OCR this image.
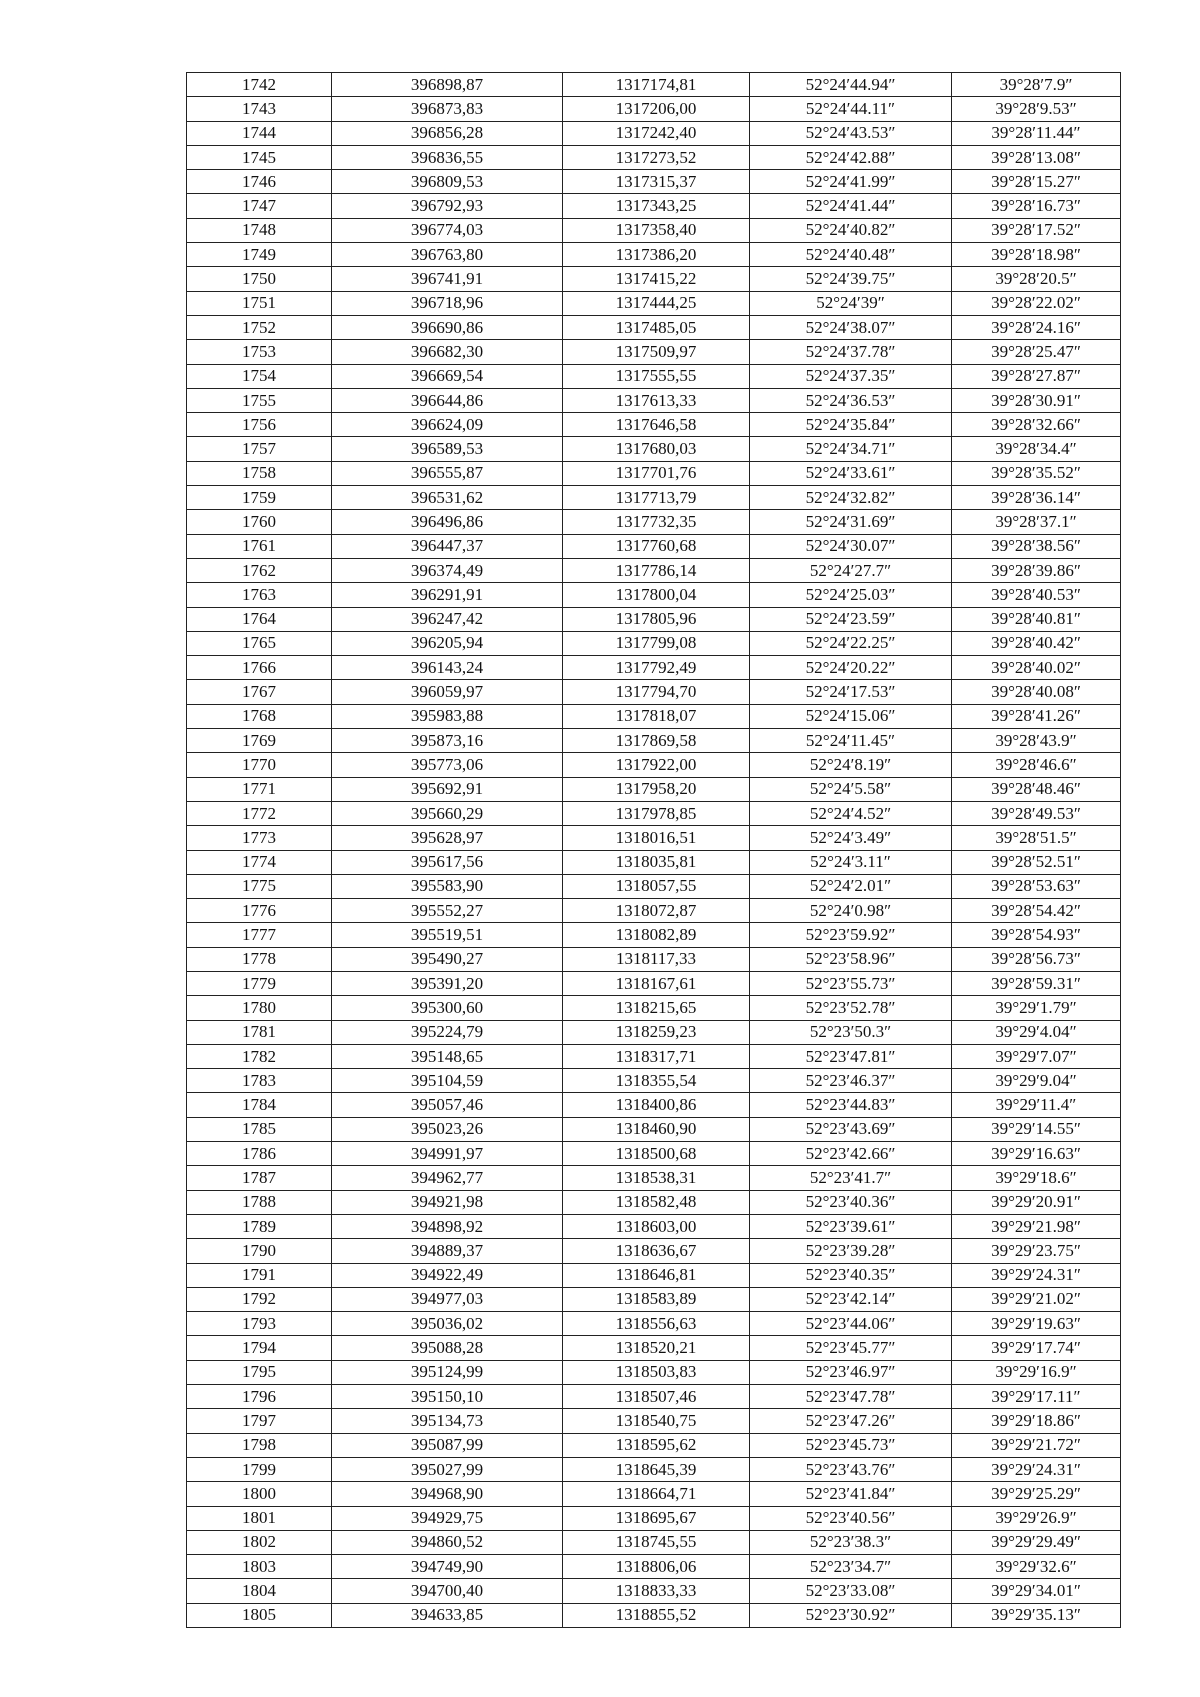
1742	396898,87	1317174,81	52°24′44.94″	39°28′7.9″
1743	396873,83	1317206,00	52°24′44.11″	39°28′9.53″
1744	396856,28	1317242,40	52°24′43.53″	39°28′11.44″
1745	396836,55	1317273,52	52°24′42.88″	39°28′13.08″
1746	396809,53	1317315,37	52°24′41.99″	39°28′15.27″
1747	396792,93	1317343,25	52°24′41.44″	39°28′16.73″
1748	396774,03	1317358,40	52°24′40.82″	39°28′17.52″
1749	396763,80	1317386,20	52°24′40.48″	39°28′18.98″
1750	396741,91	1317415,22	52°24′39.75″	39°28′20.5″
1751	396718,96	1317444,25	52°24′39″	39°28′22.02″
1752	396690,86	1317485,05	52°24′38.07″	39°28′24.16″
1753	396682,30	1317509,97	52°24′37.78″	39°28′25.47″
1754	396669,54	1317555,55	52°24′37.35″	39°28′27.87″
1755	396644,86	1317613,33	52°24′36.53″	39°28′30.91″
1756	396624,09	1317646,58	52°24′35.84″	39°28′32.66″
1757	396589,53	1317680,03	52°24′34.71″	39°28′34.4″
1758	396555,87	1317701,76	52°24′33.61″	39°28′35.52″
1759	396531,62	1317713,79	52°24′32.82″	39°28′36.14″
1760	396496,86	1317732,35	52°24′31.69″	39°28′37.1″
1761	396447,37	1317760,68	52°24′30.07″	39°28′38.56″
1762	396374,49	1317786,14	52°24′27.7″	39°28′39.86″
1763	396291,91	1317800,04	52°24′25.03″	39°28′40.53″
1764	396247,42	1317805,96	52°24′23.59″	39°28′40.81″
1765	396205,94	1317799,08	52°24′22.25″	39°28′40.42″
1766	396143,24	1317792,49	52°24′20.22″	39°28′40.02″
1767	396059,97	1317794,70	52°24′17.53″	39°28′40.08″
1768	395983,88	1317818,07	52°24′15.06″	39°28′41.26″
1769	395873,16	1317869,58	52°24′11.45″	39°28′43.9″
1770	395773,06	1317922,00	52°24′8.19″	39°28′46.6″
1771	395692,91	1317958,20	52°24′5.58″	39°28′48.46″
1772	395660,29	1317978,85	52°24′4.52″	39°28′49.53″
1773	395628,97	1318016,51	52°24′3.49″	39°28′51.5″
1774	395617,56	1318035,81	52°24′3.11″	39°28′52.51″
1775	395583,90	1318057,55	52°24′2.01″	39°28′53.63″
1776	395552,27	1318072,87	52°24′0.98″	39°28′54.42″
1777	395519,51	1318082,89	52°23′59.92″	39°28′54.93″
1778	395490,27	1318117,33	52°23′58.96″	39°28′56.73″
1779	395391,20	1318167,61	52°23′55.73″	39°28′59.31″
1780	395300,60	1318215,65	52°23′52.78″	39°29′1.79″
1781	395224,79	1318259,23	52°23′50.3″	39°29′4.04″
1782	395148,65	1318317,71	52°23′47.81″	39°29′7.07″
1783	395104,59	1318355,54	52°23′46.37″	39°29′9.04″
1784	395057,46	1318400,86	52°23′44.83″	39°29′11.4″
1785	395023,26	1318460,90	52°23′43.69″	39°29′14.55″
1786	394991,97	1318500,68	52°23′42.66″	39°29′16.63″
1787	394962,77	1318538,31	52°23′41.7″	39°29′18.6″
1788	394921,98	1318582,48	52°23′40.36″	39°29′20.91″
1789	394898,92	1318603,00	52°23′39.61″	39°29′21.98″
1790	394889,37	1318636,67	52°23′39.28″	39°29′23.75″
1791	394922,49	1318646,81	52°23′40.35″	39°29′24.31″
1792	394977,03	1318583,89	52°23′42.14″	39°29′21.02″
1793	395036,02	1318556,63	52°23′44.06″	39°29′19.63″
1794	395088,28	1318520,21	52°23′45.77″	39°29′17.74″
1795	395124,99	1318503,83	52°23′46.97″	39°29′16.9″
1796	395150,10	1318507,46	52°23′47.78″	39°29′17.11″
1797	395134,73	1318540,75	52°23′47.26″	39°29′18.86″
1798	395087,99	1318595,62	52°23′45.73″	39°29′21.72″
1799	395027,99	1318645,39	52°23′43.76″	39°29′24.31″
1800	394968,90	1318664,71	52°23′41.84″	39°29′25.29″
1801	394929,75	1318695,67	52°23′40.56″	39°29′26.9″
1802	394860,52	1318745,55	52°23′38.3″	39°29′29.49″
1803	394749,90	1318806,06	52°23′34.7″	39°29′32.6″
1804	394700,40	1318833,33	52°23′33.08″	39°29′34.01″
1805	394633,85	1318855,52	52°23′30.92″	39°29′35.13″
